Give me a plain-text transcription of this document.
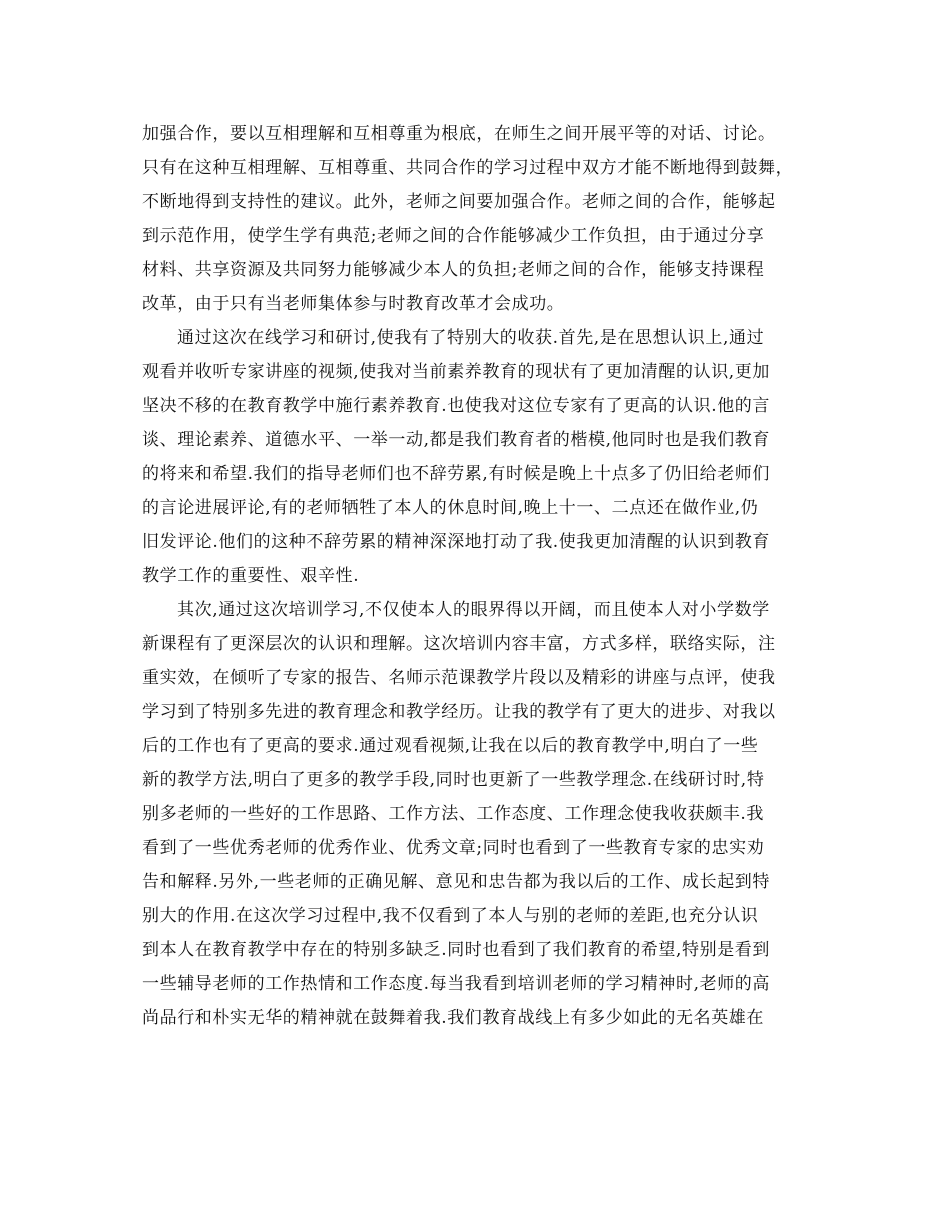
加强合作，要以互相理解和互相尊重为根底，在师生之间开展平等的对话、讨论。
只有在这种互相理解、互相尊重、共同合作的学习过程中双方才能不断地得到鼓舞，
不断地得到支持性的建议。此外，老师之间要加强合作。老师之间的合作，能够起
到示范作用，使学生学有典范;老师之间的合作能够减少工作负担，由于通过分享
材料、共享资源及共同努力能够减少本人的负担;老师之间的合作，能够支持课程
改革，由于只有当老师集体参与时教育改革才会成功。
通过这次在线学习和研讨,使我有了特别大的收获.首先,是在思想认识上,通过
观看并收听专家讲座的视频,使我对当前素养教育的现状有了更加清醒的认识,更加
坚决不移的在教育教学中施行素养教育.也使我对这位专家有了更高的认识.他的言
谈、理论素养、道德水平、一举一动,都是我们教育者的楷模,他同时也是我们教育
的将来和希望.我们的指导老师们也不辞劳累,有时候是晚上十点多了仍旧给老师们
的言论进展评论,有的老师牺牲了本人的休息时间,晚上十一、二点还在做作业,仍
旧发评论.他们的这种不辞劳累的精神深深地打动了我.使我更加清醒的认识到教育
教学工作的重要性、艰辛性.
其次,通过这次培训学习,不仅使本人的眼界得以开阔，而且使本人对小学数学
新课程有了更深层次的认识和理解。这次培训内容丰富，方式多样，联络实际，注
重实效，在倾听了专家的报告、名师示范课教学片段以及精彩的讲座与点评，使我
学习到了特别多先进的教育理念和教学经历。让我的教学有了更大的进步、对我以
后的工作也有了更高的要求.通过观看视频,让我在以后的教育教学中,明白了一些
新的教学方法,明白了更多的教学手段,同时也更新了一些教学理念.在线研讨时,特
别多老师的一些好的工作思路、工作方法、工作态度、工作理念使我收获颇丰.我
看到了一些优秀老师的优秀作业、优秀文章;同时也看到了一些教育专家的忠实劝
告和解释.另外,一些老师的正确见解、意见和忠告都为我以后的工作、成长起到特
别大的作用.在这次学习过程中,我不仅看到了本人与别的老师的差距,也充分认识
到本人在教育教学中存在的特别多缺乏.同时也看到了我们教育的希望,特别是看到
一些辅导老师的工作热情和工作态度.每当我看到培训老师的学习精神时,老师的高
尚品行和朴实无华的精神就在鼓舞着我.我们教育战线上有多少如此的无名英雄在
